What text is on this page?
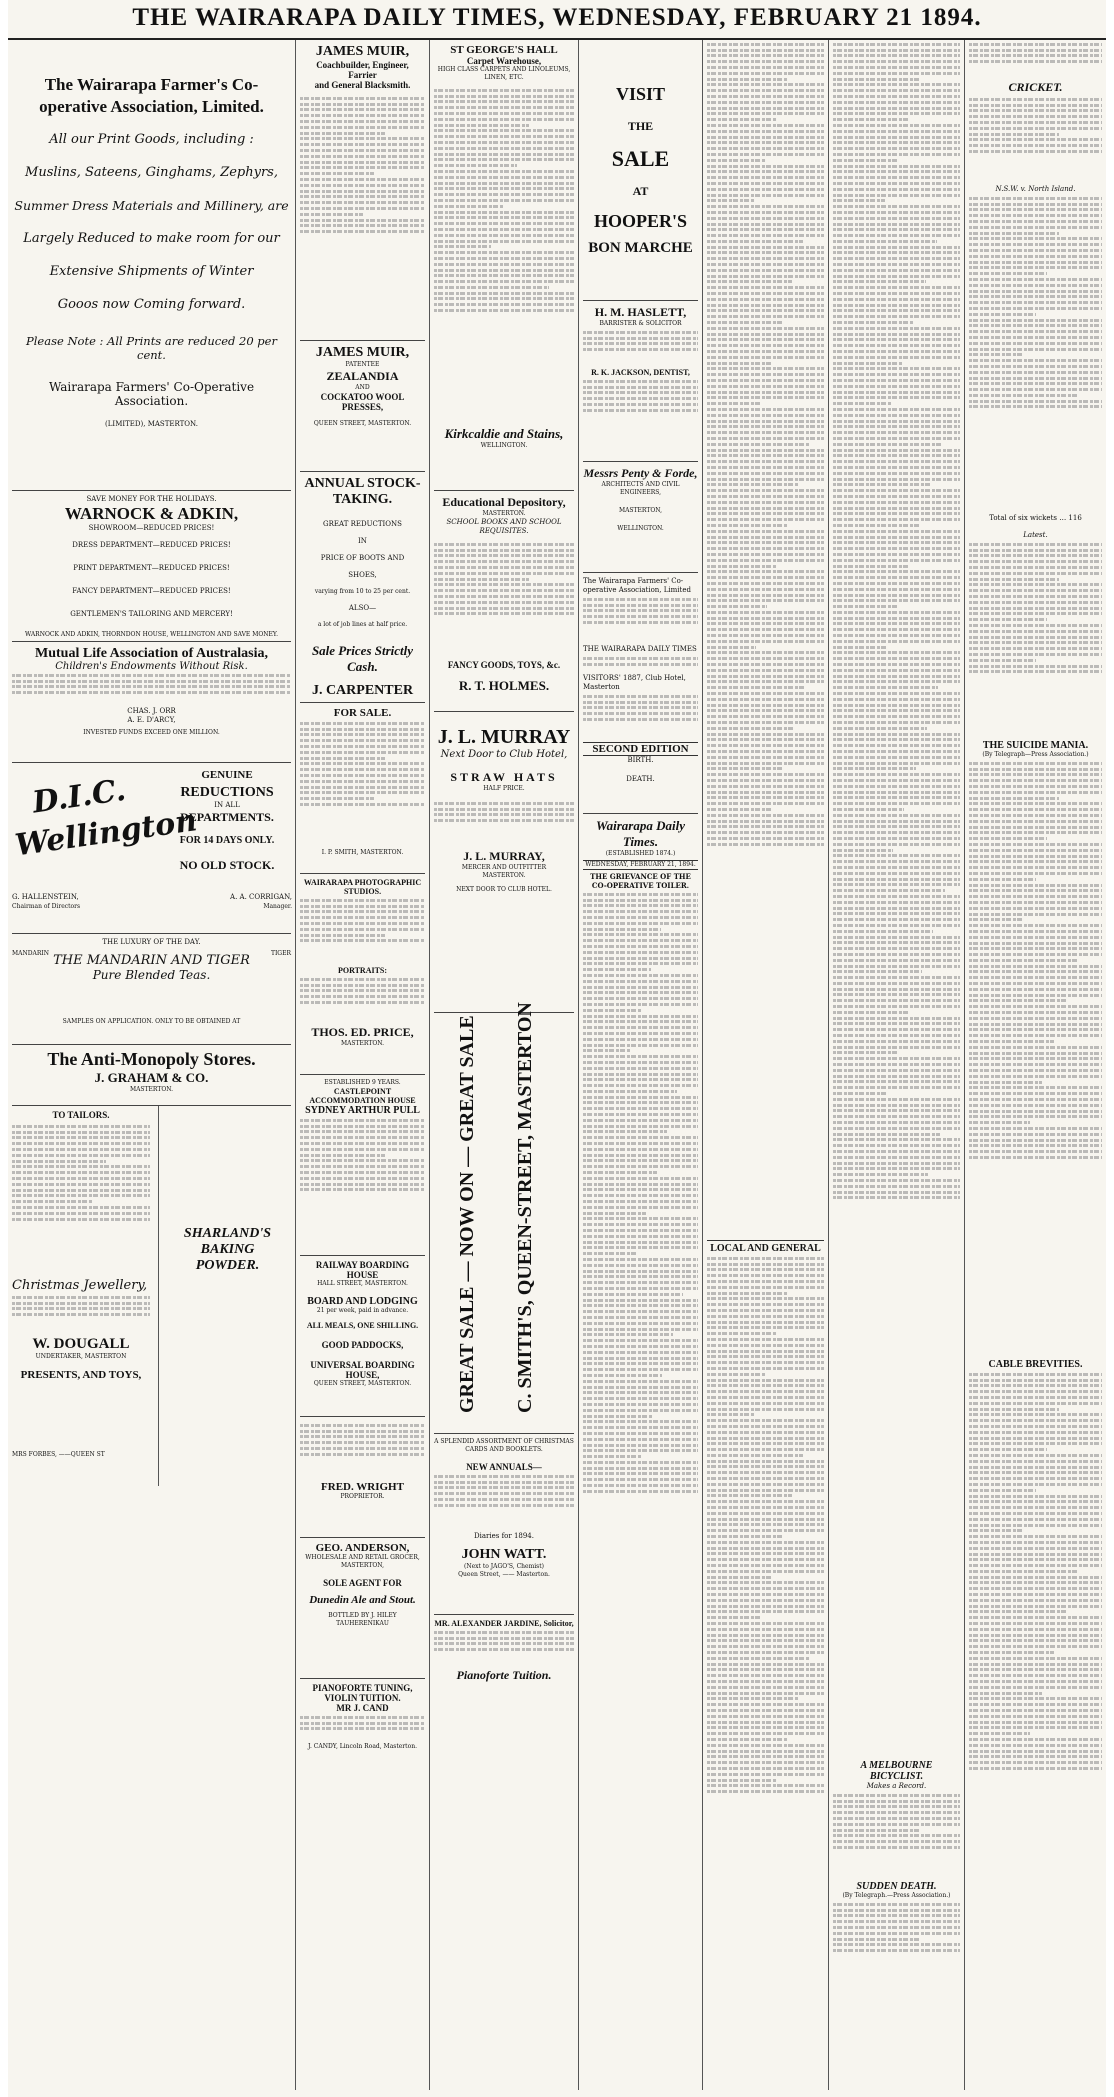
THE WAIRARAPA DAILY TIMES, WEDNESDAY, FEBRUARY 21 1894.
The Wairarapa Farmer's Co-operative Association, Limited.
All our Print Goods, including :
Muslins, Sateens, Ginghams, Zephyrs,
Summer Dress Materials and Millinery, are
Largely Reduced to make room for our
Extensive Shipments of Winter
Gooos now Coming forward.
Please Note : All Prints are reduced 20 per cent.
Wairarapa Farmers' Co-Operative Association.
(LIMITED), MASTERTON.
SAVE MONEY FOR THE HOLIDAYS.
WARNOCK & ADKIN,
SHOWROOM—REDUCED PRICES!
DRESS DEPARTMENT—REDUCED PRICES!
PRINT DEPARTMENT—REDUCED PRICES!
FANCY DEPARTMENT—REDUCED PRICES!
GENTLEMEN'S TAILORING AND MERCERY!
WARNOCK AND ADKIN, THORNDON HOUSE, WELLINGTON AND SAVE MONEY.
Mutual Life Association of Australasia,
Children's Endowments Without Risk.
CHAS. J. ORR
A. E. D'ARCY,
INVESTED FUNDS EXCEED ONE MILLION.
D.I.C. Wellington
GENUINE
REDUCTIONS
IN ALL
DEPARTMENTS.
FOR 14 DAYS ONLY.
NO OLD STOCK.
G. HALLENSTEIN,	A. A. CORRIGAN,
Chairman of Directors	Manager.
THE LUXURY OF THE DAY.
MANDARIN	TIGER
THE MANDARIN AND TIGER
Pure Blended Teas.
SAMPLES ON APPLICATION. ONLY TO BE OBTAINED AT
The Anti-Monopoly Stores.
J. GRAHAM & CO.
MASTERTON.
TO TAILORS.
Christmas Jewellery,
W. DOUGALL
UNDERTAKER, MASTERTON
PRESENTS, AND TOYS,
MRS FORBES, ——QUEEN ST
SHARLAND'S
BAKING
POWDER.
JAMES MUIR,
Coachbuilder, Engineer,
Farrier
and General Blacksmith.
JAMES MUIR,
PATENTEE
ZEALANDIA
AND
COCKATOO WOOL PRESSES,
QUEEN STREET, MASTERTON.
ANNUAL STOCK-TAKING.
GREAT REDUCTIONS
IN
PRICE OF BOOTS AND
SHOES,
varying from 10 to 25 per cent.
ALSO—
a lot of job lines at half price.
Sale Prices Strictly Cash.
J. CARPENTER
FOR SALE.
I. P. SMITH, MASTERTON.
WAIRARAPA PHOTOGRAPHIC STUDIOS.
PORTRAITS:
THOS. ED. PRICE,
MASTERTON.
ESTABLISHED 9 YEARS.
CASTLEPOINT ACCOMMODATION HOUSE
SYDNEY ARTHUR PULL
RAILWAY BOARDING HOUSE
HALL STREET, MASTERTON.
BOARD AND LODGING
21 per week, paid in advance.
ALL MEALS, ONE SHILLING.
GOOD PADDOCKS,
UNIVERSAL BOARDING HOUSE,
QUEEN STREET, MASTERTON.
FRED. WRIGHT
PROPRIETOR.
GEO. ANDERSON,
WHOLESALE AND RETAIL GROCER,
MASTERTON,
SOLE AGENT FOR
Dunedin Ale and Stout.
BOTTLED BY J. HILEY
TAUHERENIKAU
PIANOFORTE TUNING, VIOLIN TUITION.
MR J. CAND
J. CANDY, Lincoln Road, Masterton.
ST GEORGE'S HALL
Carpet Warehouse,
HIGH CLASS CARPETS AND LINOLEUMS, LINEN, ETC.
Kirkcaldie and Stains,
WELLINGTON.
Educational Depository,
MASTERTON.
SCHOOL BOOKS AND SCHOOL REQUISITES.
FANCY GOODS, TOYS, &c.
R. T. HOLMES.
J. L. MURRAY
Next Door to Club Hotel,
STRAW HATS
HALF PRICE.
J. L. MURRAY,
MERCER AND OUTFITTER
MASTERTON.
NEXT DOOR TO CLUB HOTEL.
GREAT SALE — NOW ON — GREAT SALE C. SMITH'S, QUEEN-STREET, MASTERTON
A SPLENDID ASSORTMENT OF CHRISTMAS CARDS AND BOOKLETS.
NEW ANNUALS—
Diaries for 1894.
JOHN WATT.
(Next to JAGO'S, Chemist)
Queen Street, —— Masterton.
MR. ALEXANDER JARDINE, Solicitor,
Pianoforte Tuition.
VISIT
THE
SALE
AT
HOOPER'S
BON MARCHE
H. M. HASLETT,
BARRISTER & SOLICITOR
R. K. JACKSON, DENTIST,
Messrs Penty & Forde,
ARCHITECTS AND CIVIL
ENGINEERS,
MASTERTON,
WELLINGTON.
The Wairarapa Farmers' Co-operative Association, Limited
THE WAIRARAPA DAILY TIMES
VISITORS' 1887, Club Hotel, Masterton
SECOND EDITION
BIRTH.
DEATH.
Wairarapa Daily Times.
(ESTABLISHED 1874.)
WEDNESDAY, FEBRUARY 21, 1894.
THE GRIEVANCE OF THE CO-OPERATIVE TOILER.
LOCAL AND GENERAL
A MELBOURNE BICYCLIST.
Makes a Record.
SUDDEN DEATH.
(By Telegraph.—Press Association.)
CRICKET.
N.S.W. v. North Island.
Total of six wickets … 116
Latest.
THE SUICIDE MANIA.
(By Telegraph—Press Association.)
CABLE BREVITIES.
